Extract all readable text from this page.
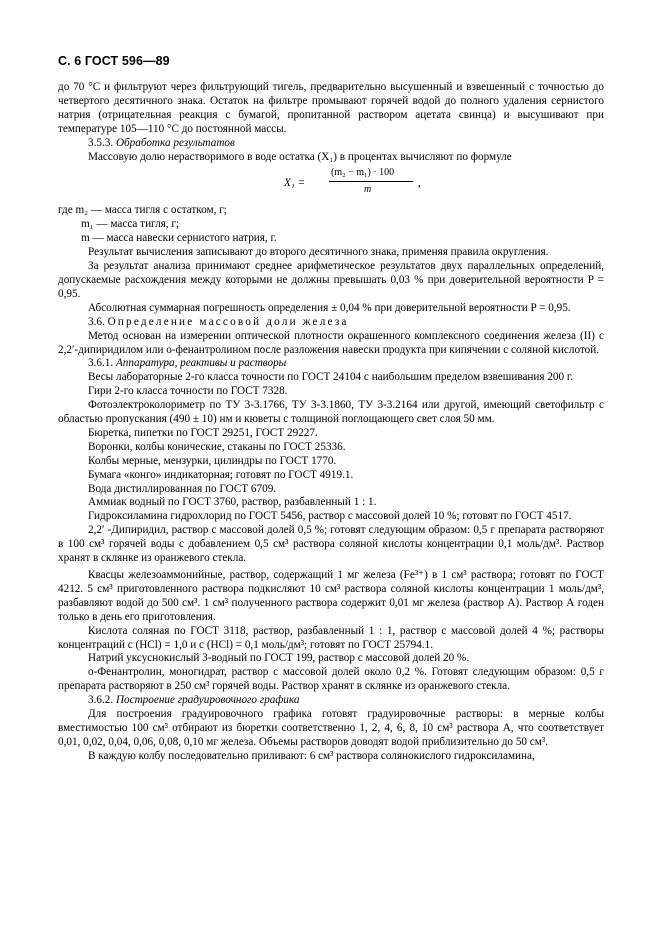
С. 6 ГОСТ 596—89

до 70 °С и фильтруют через фильтрующий тигель, предварительно высушенный и взвешенный с точностью до четвертого десятичного знака. Остаток на фильтре промывают горячей водой до полного удаления сернистого натрия (отрицательная реакция с бумагой, пропитанной раствором ацетата свинца) и высушивают при температуре 105—110 °С до постоянной массы.

3.5.3. Обработка результатов

Массовую долю нерастворимого в воде остатка (X₁) в процентах вычисляют по формуле

X₁ =
(m₂ − m₁) · 100
m
,

где m₂ — масса тигля с остатком, г;

m₁ — масса тигля, г;

m — масса навески сернистого натрия, г.

Результат вычисления записывают до второго десятичного знака, применяя правила округления.

За результат анализа принимают среднее арифметическое результатов двух параллельных определений, допускаемые расхождения между которыми не должны превышать 0,03 % при доверительной вероятности P = 0,95.

Абсолютная суммарная погрешность определения ± 0,04 % при доверительной вероятности P = 0,95.

3.6. Определение массовой доли железа

Метод основан на измерении оптической плотности окрашенного комплексного соединения железа (II) с 2,2′-дипиридилом или о-фенантролином после разложения навески продукта при кипячении с соляной кислотой.

3.6.1. Аппаратура, реактивы и растворы

Весы лабораторные 2-го класса точности по ГОСТ 24104 с наибольшим пределом взвешивания 200 г.

Гири 2-го класса точности по ГОСТ 7328.

Фотоэлектроколориметр по ТУ 3-3.1766, ТУ 3-3.1860, ТУ 3-3.2164 или другой, имеющий светофильтр с областью пропускания (490 ± 10) нм и кюветы с толщиной поглощающего свет слоя 50 мм.

Бюретка, пипетки по ГОСТ 29251, ГОСТ 29227.

Воронки, колбы конические, стаканы по ГОСТ 25336.

Колбы мерные, мензурки, цилиндры по ГОСТ 1770.

Бумага «конго» индикаторная; готовят по ГОСТ 4919.1.

Вода дистиллированная по ГОСТ 6709.

Аммиак водный по ГОСТ 3760, раствор, разбавленный 1 : 1.

Гидроксиламина гидрохлорид по ГОСТ 5456, раствор с массовой долей 10 %; готовят по ГОСТ 4517.

2,2′ -Дипиридил, раствор с массовой долей 0,5 %; готовят следующим образом: 0,5 г препарата растворяют в 100 см³ горячей воды с добавлением 0,5 см³ раствора соляной кислоты концентрации 0,1 моль/дм³. Раствор хранят в склянке из оранжевого стекла.

Квасцы железоаммонийные, раствор, содержащий 1 мг железа (Fe³⁺) в 1 см³ раствора; готовят по ГОСТ 4212. 5 см³ приготовленного раствора подкисляют 10 см³ раствора соляной кислоты концентрации 1 моль/дм³, разбавляют водой до 500 см³. 1 см³ полученного раствора содержит 0,01 мг железа (раствор А). Раствор А годен только в день его приготовления.

Кислота соляная по ГОСТ 3118, раствор, разбавленный 1 : 1, раствор с массовой долей 4 %; растворы концентраций с (HCl) = 1,0 и с (HCl) = 0,1 моль/дм³; готовят по ГОСТ 25794.1.

Натрий уксуснокислый 3-водный по ГОСТ 199, раствор с массовой долей 20 %.

о-Фенантролин, моногидрат, раствор с массовой долей около 0,2 %. Готовят следующим образом: 0,5 г препарата растворяют в 250 см³ горячей воды. Раствор хранят в склянке из оранжевого стекла.

3.6.2. Построение градуировочного графика

Для построения градуировочного графика готовят градуировочные растворы: в мерные колбы вместимостью 100 см³ отбирают из бюретки соответственно 1, 2, 4, 6, 8, 10 см³ раствора А, что соответствует 0,01, 0,02, 0,04, 0,06, 0,08, 0,10 мг железа. Объемы растворов доводят водой приблизительно до 50 см³.

В каждую колбу последовательно приливают: 6 см³ раствора солянокислого гидроксиламина,
